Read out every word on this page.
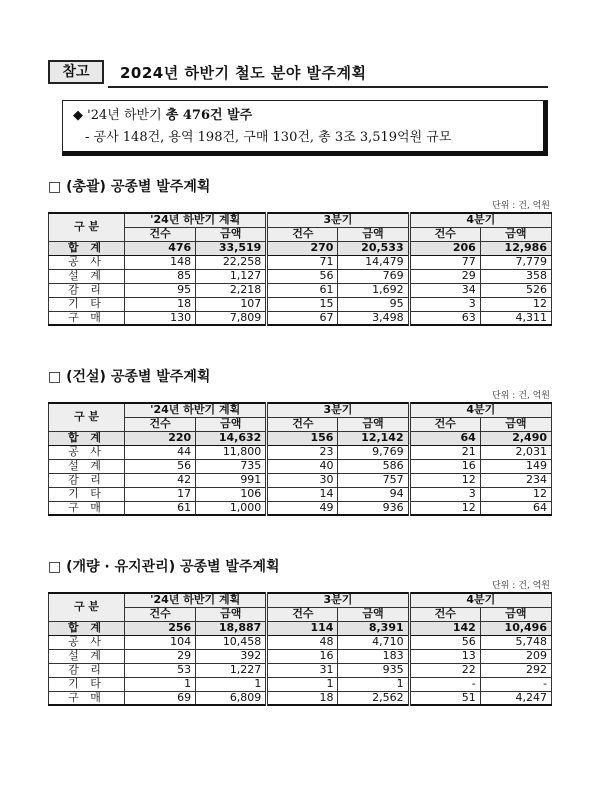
참고	2024년 하반기 철도 분야 발주계획
◆ '24년 하반기 총 476건 발주
- 공사 148건, 용역 198건, 구매 130건, 총 3조 3,519억원 규모
□ (총괄) 공종별 발주계획
단위 : 건, 억원
구 분	'24년 하반기 계획		3분기		4분기	
	건수	금액	건수	금액	건수	금액
합 계	476	33,519	270	20,533	206	12,986
공 사	148	22,258	71	14,479	77	7,779
설 계	85	1,127	56	769	29	358
감 리	95	2,218	61	1,692	34	526
기 타	18	107	15	95	3	12
구 매	130	7,809	67	3,498	63	4,311
□ (건설) 공종별 발주계획
단위 : 건, 억원
구 분	'24년 하반기 계획		3분기		4분기	
	건수	금액	건수	금액	건수	금액
합 계	220	14,632	156	12,142	64	2,490
공 사	44	11,800	23	9,769	21	2,031
설 계	56	735	40	586	16	149
감 리	42	991	30	757	12	234
기 타	17	106	14	94	3	12
구 매	61	1,000	49	936	12	64
□ (개량 · 유지관리) 공종별 발주계획
단위 : 건, 억원
구 분	'24년 하반기 계획		3분기		4분기	
	건수	금액	건수	금액	건수	금액
합 계	256	18,887	114	8,391	142	10,496
공 사	104	10,458	48	4,710	56	5,748
설 계	29	392	16	183	13	209
감 리	53	1,227	31	935	22	292
기 타	1	1	1	1	-	-
구 매	69	6,809	18	2,562	51	4,247
